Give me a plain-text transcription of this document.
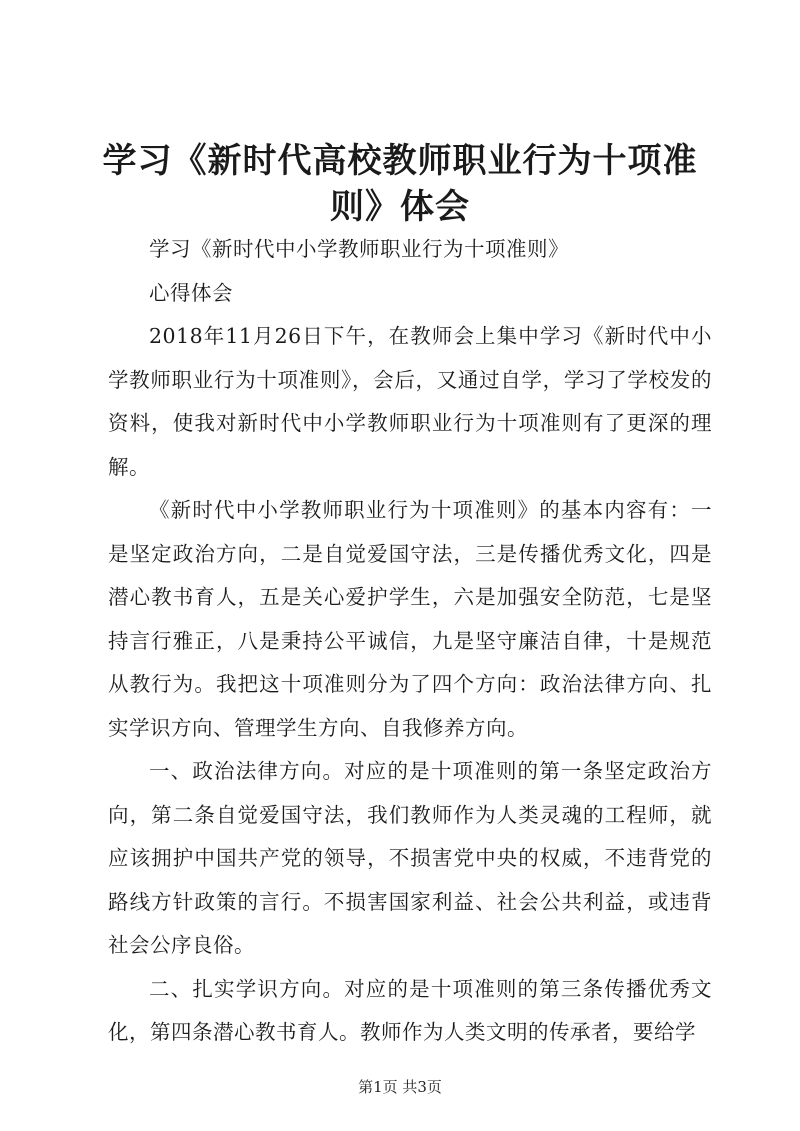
学习《新时代高校教师职业行为十项准则》体会

学习《新时代中小学教师职业行为十项准则》

心得体会

2018年11月26日下午，在教师会上集中学习《新时代中小学教师职业行为十项准则》，会后，又通过自学，学习了学校发的资料，使我对新时代中小学教师职业行为十项准则有了更深的理解。

《新时代中小学教师职业行为十项准则》的基本内容有：一是坚定政治方向，二是自觉爱国守法，三是传播优秀文化，四是潜心教书育人，五是关心爱护学生，六是加强安全防范，七是坚持言行雅正，八是秉持公平诚信，九是坚守廉洁自律，十是规范从教行为。我把这十项准则分为了四个方向：政治法律方向、扎实学识方向、管理学生方向、自我修养方向。

一、政治法律方向。对应的是十项准则的第一条坚定政治方向，第二条自觉爱国守法，我们教师作为人类灵魂的工程师，就应该拥护中国共产党的领导，不损害党中央的权威，不违背党的路线方针政策的言行。不损害国家利益、社会公共利益，或违背社会公序良俗。

二、扎实学识方向。对应的是十项准则的第三条传播优秀文化，第四条潜心教书育人。教师作为人类文明的传承者，要给学

第1页 共3页
